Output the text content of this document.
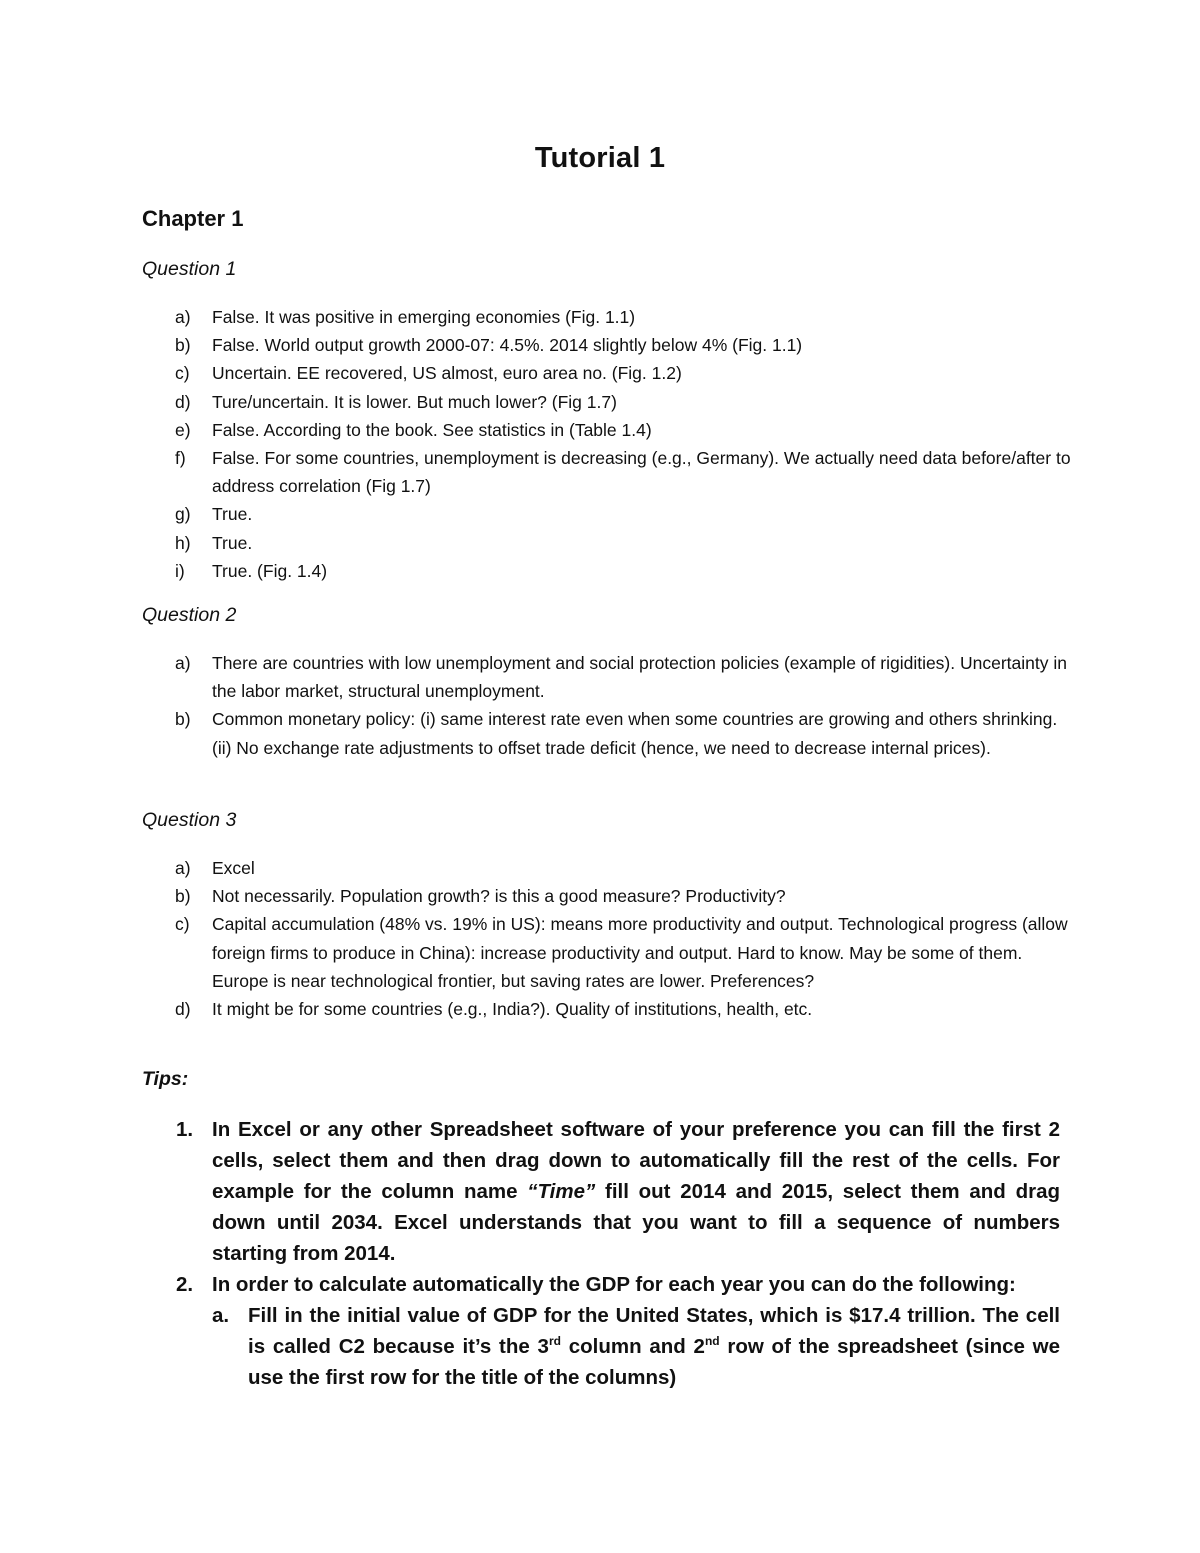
Tutorial 1
Chapter 1
Question 1
a)	False. It was positive in emerging economies (Fig. 1.1)
b)	False. World output growth 2000-07: 4.5%. 2014 slightly below 4% (Fig. 1.1)
c)	Uncertain. EE recovered, US almost, euro area no. (Fig. 1.2)
d)	Ture/uncertain. It is lower. But much lower? (Fig 1.7)
e)	False. According to the book. See statistics in (Table 1.4)
f)	False. For some countries, unemployment is decreasing (e.g., Germany). We actually need data before/after to address correlation (Fig 1.7)
g)	True.
h)	True.
i)	True. (Fig. 1.4)
Question 2
a)	There are countries with low unemployment and social protection policies (example of rigidities). Uncertainty in the labor market, structural unemployment.
b)	Common monetary policy: (i) same interest rate even when some countries are growing and others shrinking. (ii) No exchange rate adjustments to offset trade deficit (hence, we need to decrease internal prices).
Question 3
a)	Excel
b)	Not necessarily. Population growth? is this a good measure? Productivity?
c)	Capital accumulation (48% vs. 19% in US): means more productivity and output. Technological progress (allow foreign firms to produce in China): increase productivity and output. Hard to know. May be some of them. Europe is near technological frontier, but saving rates are lower. Preferences?
d)	It might be for some countries (e.g., India?). Quality of institutions, health, etc.
Tips:
1. In Excel or any other Spreadsheet software of your preference you can fill the first 2 cells, select them and then drag down to automatically fill the rest of the cells. For example for the column name “Time” fill out 2014 and 2015, select them and drag down until 2034. Excel understands that you want to fill a sequence of numbers starting from 2014.
2. In order to calculate automatically the GDP for each year you can do the following:
a. Fill in the initial value of GDP for the United States, which is $17.4 trillion. The cell is called C2 because it’s the 3rd column and 2nd row of the spreadsheet (since we use the first row for the title of the columns)
